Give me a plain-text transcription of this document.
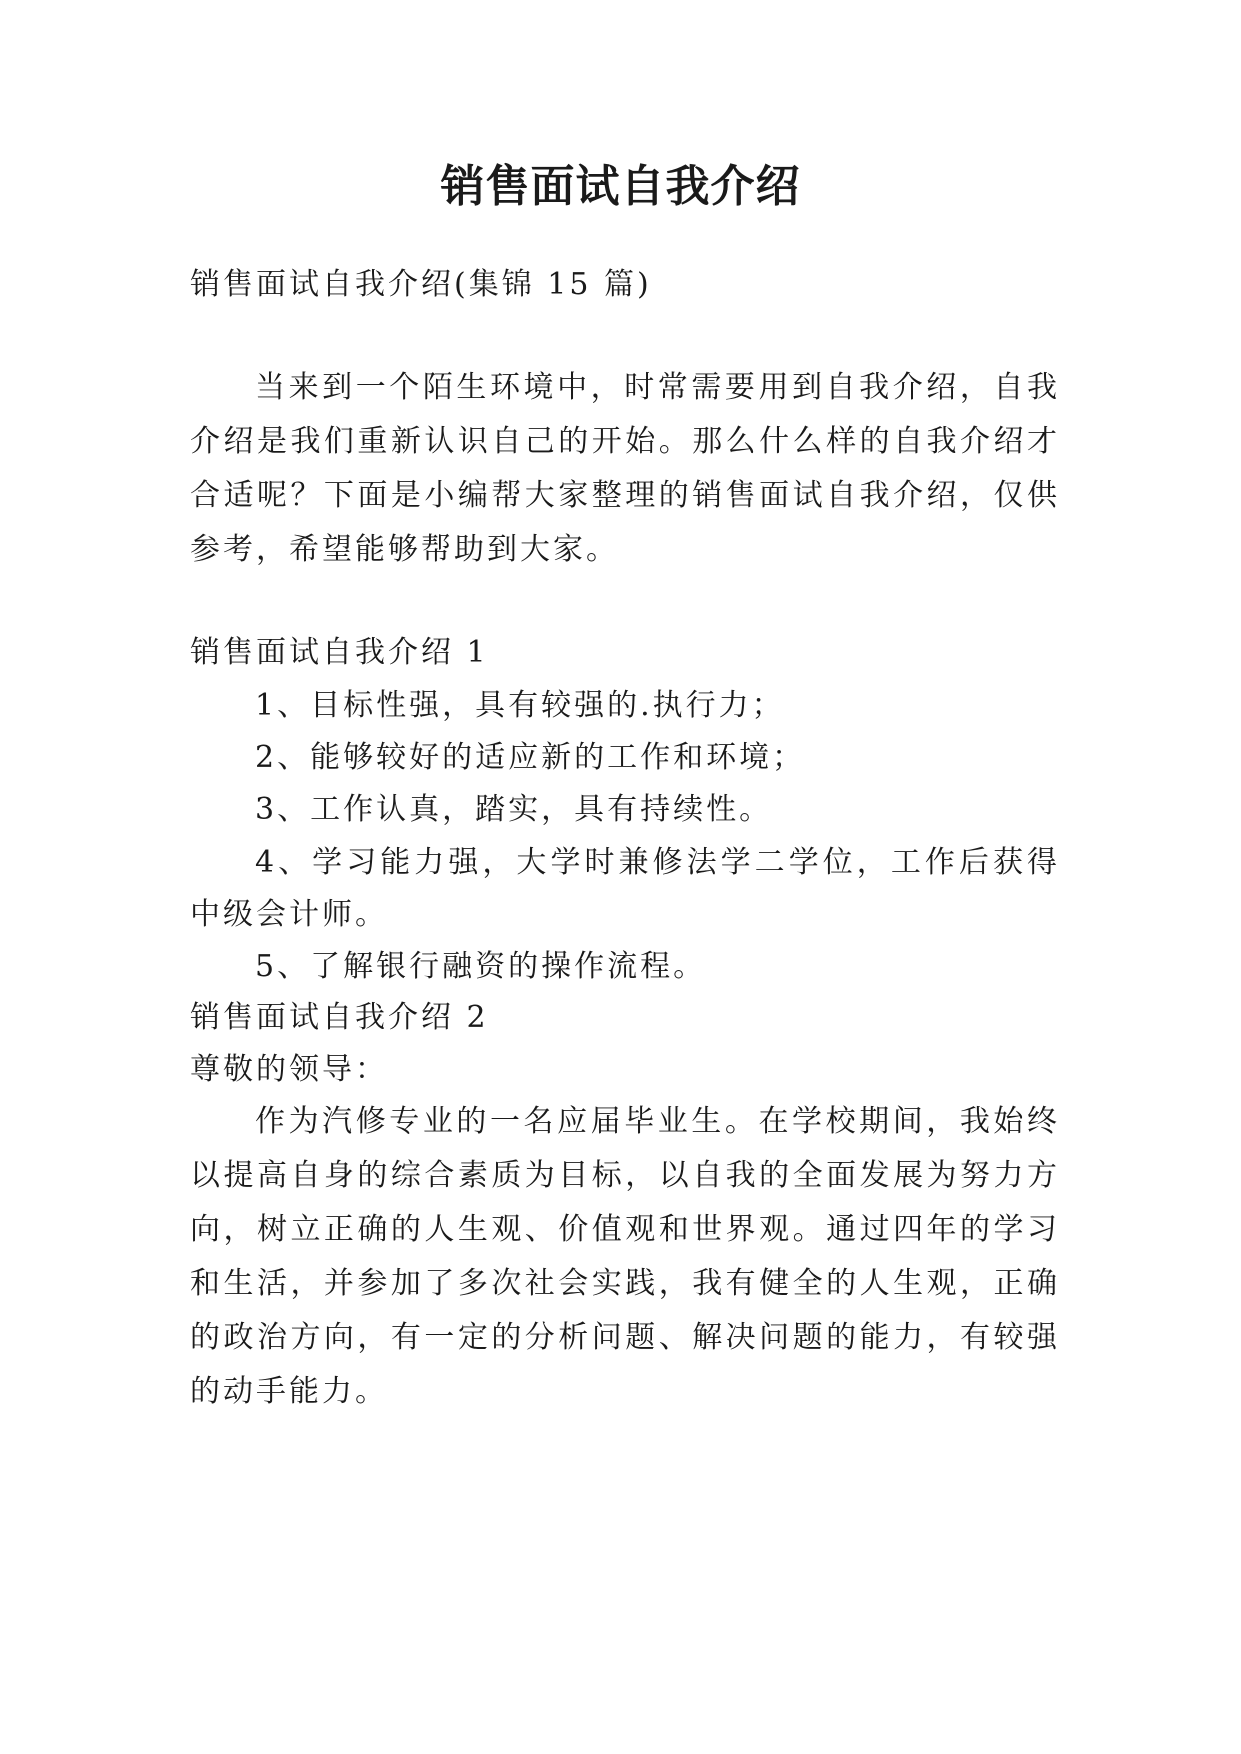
销售面试自我介绍

销售面试自我介绍(集锦 15 篇)

当来到一个陌生环境中，时常需要用到自我介绍，自我

介绍是我们重新认识自己的开始。那么什么样的自我介绍才

合适呢？下面是小编帮大家整理的销售面试自我介绍，仅供

参考，希望能够帮助到大家。

销售面试自我介绍 1

1、目标性强，具有较强的.执行力；

2、能够较好的适应新的工作和环境；

3、工作认真，踏实，具有持续性。

4、学习能力强，大学时兼修法学二学位，工作后获得

中级会计师。

5、了解银行融资的操作流程。

销售面试自我介绍 2

尊敬的领导：

作为汽修专业的一名应届毕业生。在学校期间，我始终

以提高自身的综合素质为目标，以自我的全面发展为努力方

向，树立正确的人生观、价值观和世界观。通过四年的学习

和生活，并参加了多次社会实践，我有健全的人生观，正确

的政治方向，有一定的分析问题、解决问题的能力，有较强

的动手能力。
